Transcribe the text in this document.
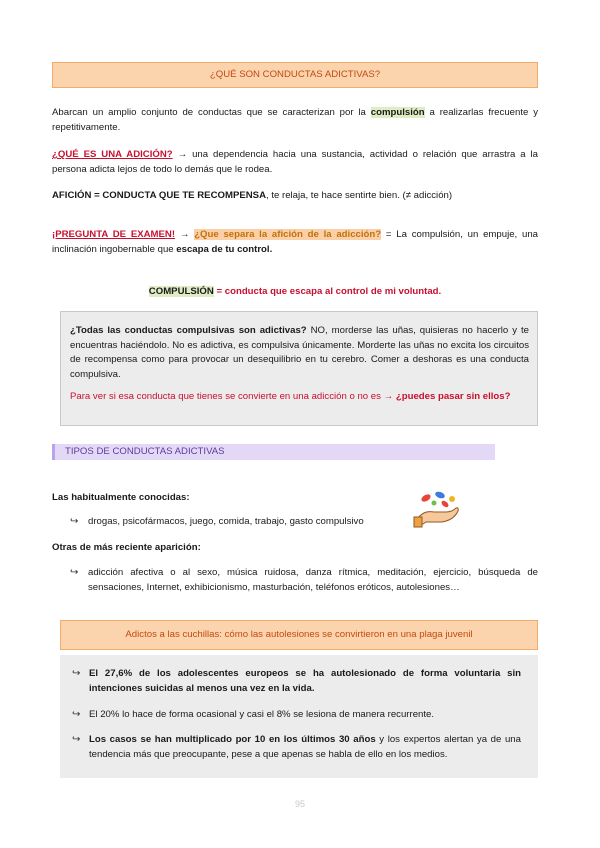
¿QUÉ SON CONDUCTAS ADICTIVAS?
Abarcan un amplio conjunto de conductas que se caracterizan por la compulsión a realizarlas frecuente y repetitivamente.
¿QUÉ ES UNA ADICIÓN? → una dependencia hacia una sustancia, actividad o relación que arrastra a la persona adicta lejos de todo lo demás que le rodea.
AFICIÓN = CONDUCTA QUE TE RECOMPENSA, te relaja, te hace sentirte bien. (≠ adicción)
¡PREGUNTA DE EXAMEN! → ¿Que separa la afición de la adicción? = La compulsión, un empuje, una inclinación ingobernable que escapa de tu control.
COMPULSIÓN = conducta que escapa al control de mi voluntad.

¿Todas las conductas compulsivas son adictivas? NO, morderse las uñas, quisieras no hacerlo y te encuentras haciéndolo. No es adictiva, es compulsiva únicamente. Morderte las uñas no excita los circuitos de recompensa como para provocar un desequilibrio en tu cerebro. Comer a deshoras es una conducta compulsiva.

Para ver si esa conducta que tienes se convierte en una adicción o no es → ¿puedes pasar sin ellos?

TIPOS DE CONDUCTAS ADICTIVAS
Las habitualmente conocidas:
↪ drogas, psicofármacos, juego, comida, trabajo, gasto compulsivo
Otras de más reciente aparición:
↪ adicción afectiva o al sexo, música ruidosa, danza rítmica, meditación, ejercicio, búsqueda de sensaciones, Internet, exhibicionismo, masturbación, teléfonos eróticos, autolesiones…
Adictos a las cuchillas: cómo las autolesiones se convirtieron en una plaga juvenil
↪ El 27,6% de los adolescentes europeos se ha autolesionado de forma voluntaria sin intenciones suicidas al menos una vez en la vida.
↪ El 20% lo hace de forma ocasional y casi el 8% se lesiona de manera recurrente.
↪ Los casos se han multiplicado por 10 en los últimos 30 años y los expertos alertan ya de una tendencia más que preocupante, pese a que apenas se habla de ello en los medios.
95
